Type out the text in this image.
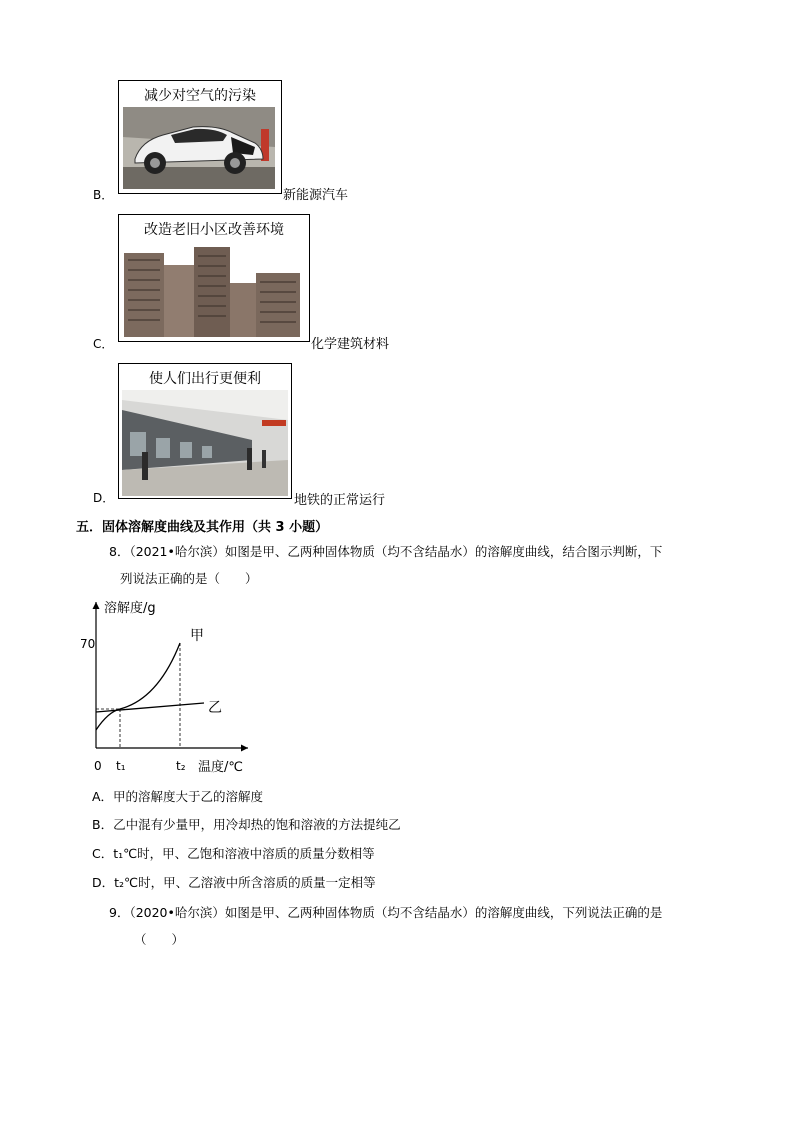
B．
减少对空气的污染
新能源汽车
C．
改造老旧小区改善环境
化学建筑材料
D．
使人们出行更便利
地铁的正常运行
五．固体溶解度曲线及其作用（共 3 小题）
8．（2021•哈尔滨）如图是甲、乙两种固体物质（均不含结晶水）的溶解度曲线，结合图示判断，下
列说法正确的是（　　）
溶解度/g
温度/℃
0
70
t₁	t₂
甲
乙
A．甲的溶解度大于乙的溶解度
B．乙中混有少量甲，用冷却热的饱和溶液的方法提纯乙
C．t₁℃时，甲、乙饱和溶液中溶质的质量分数相等
D．t₂℃时，甲、乙溶液中所含溶质的质量一定相等
9．（2020•哈尔滨）如图是甲、乙两种固体物质（均不含结晶水）的溶解度曲线，下列说法正确的是
（　　）
